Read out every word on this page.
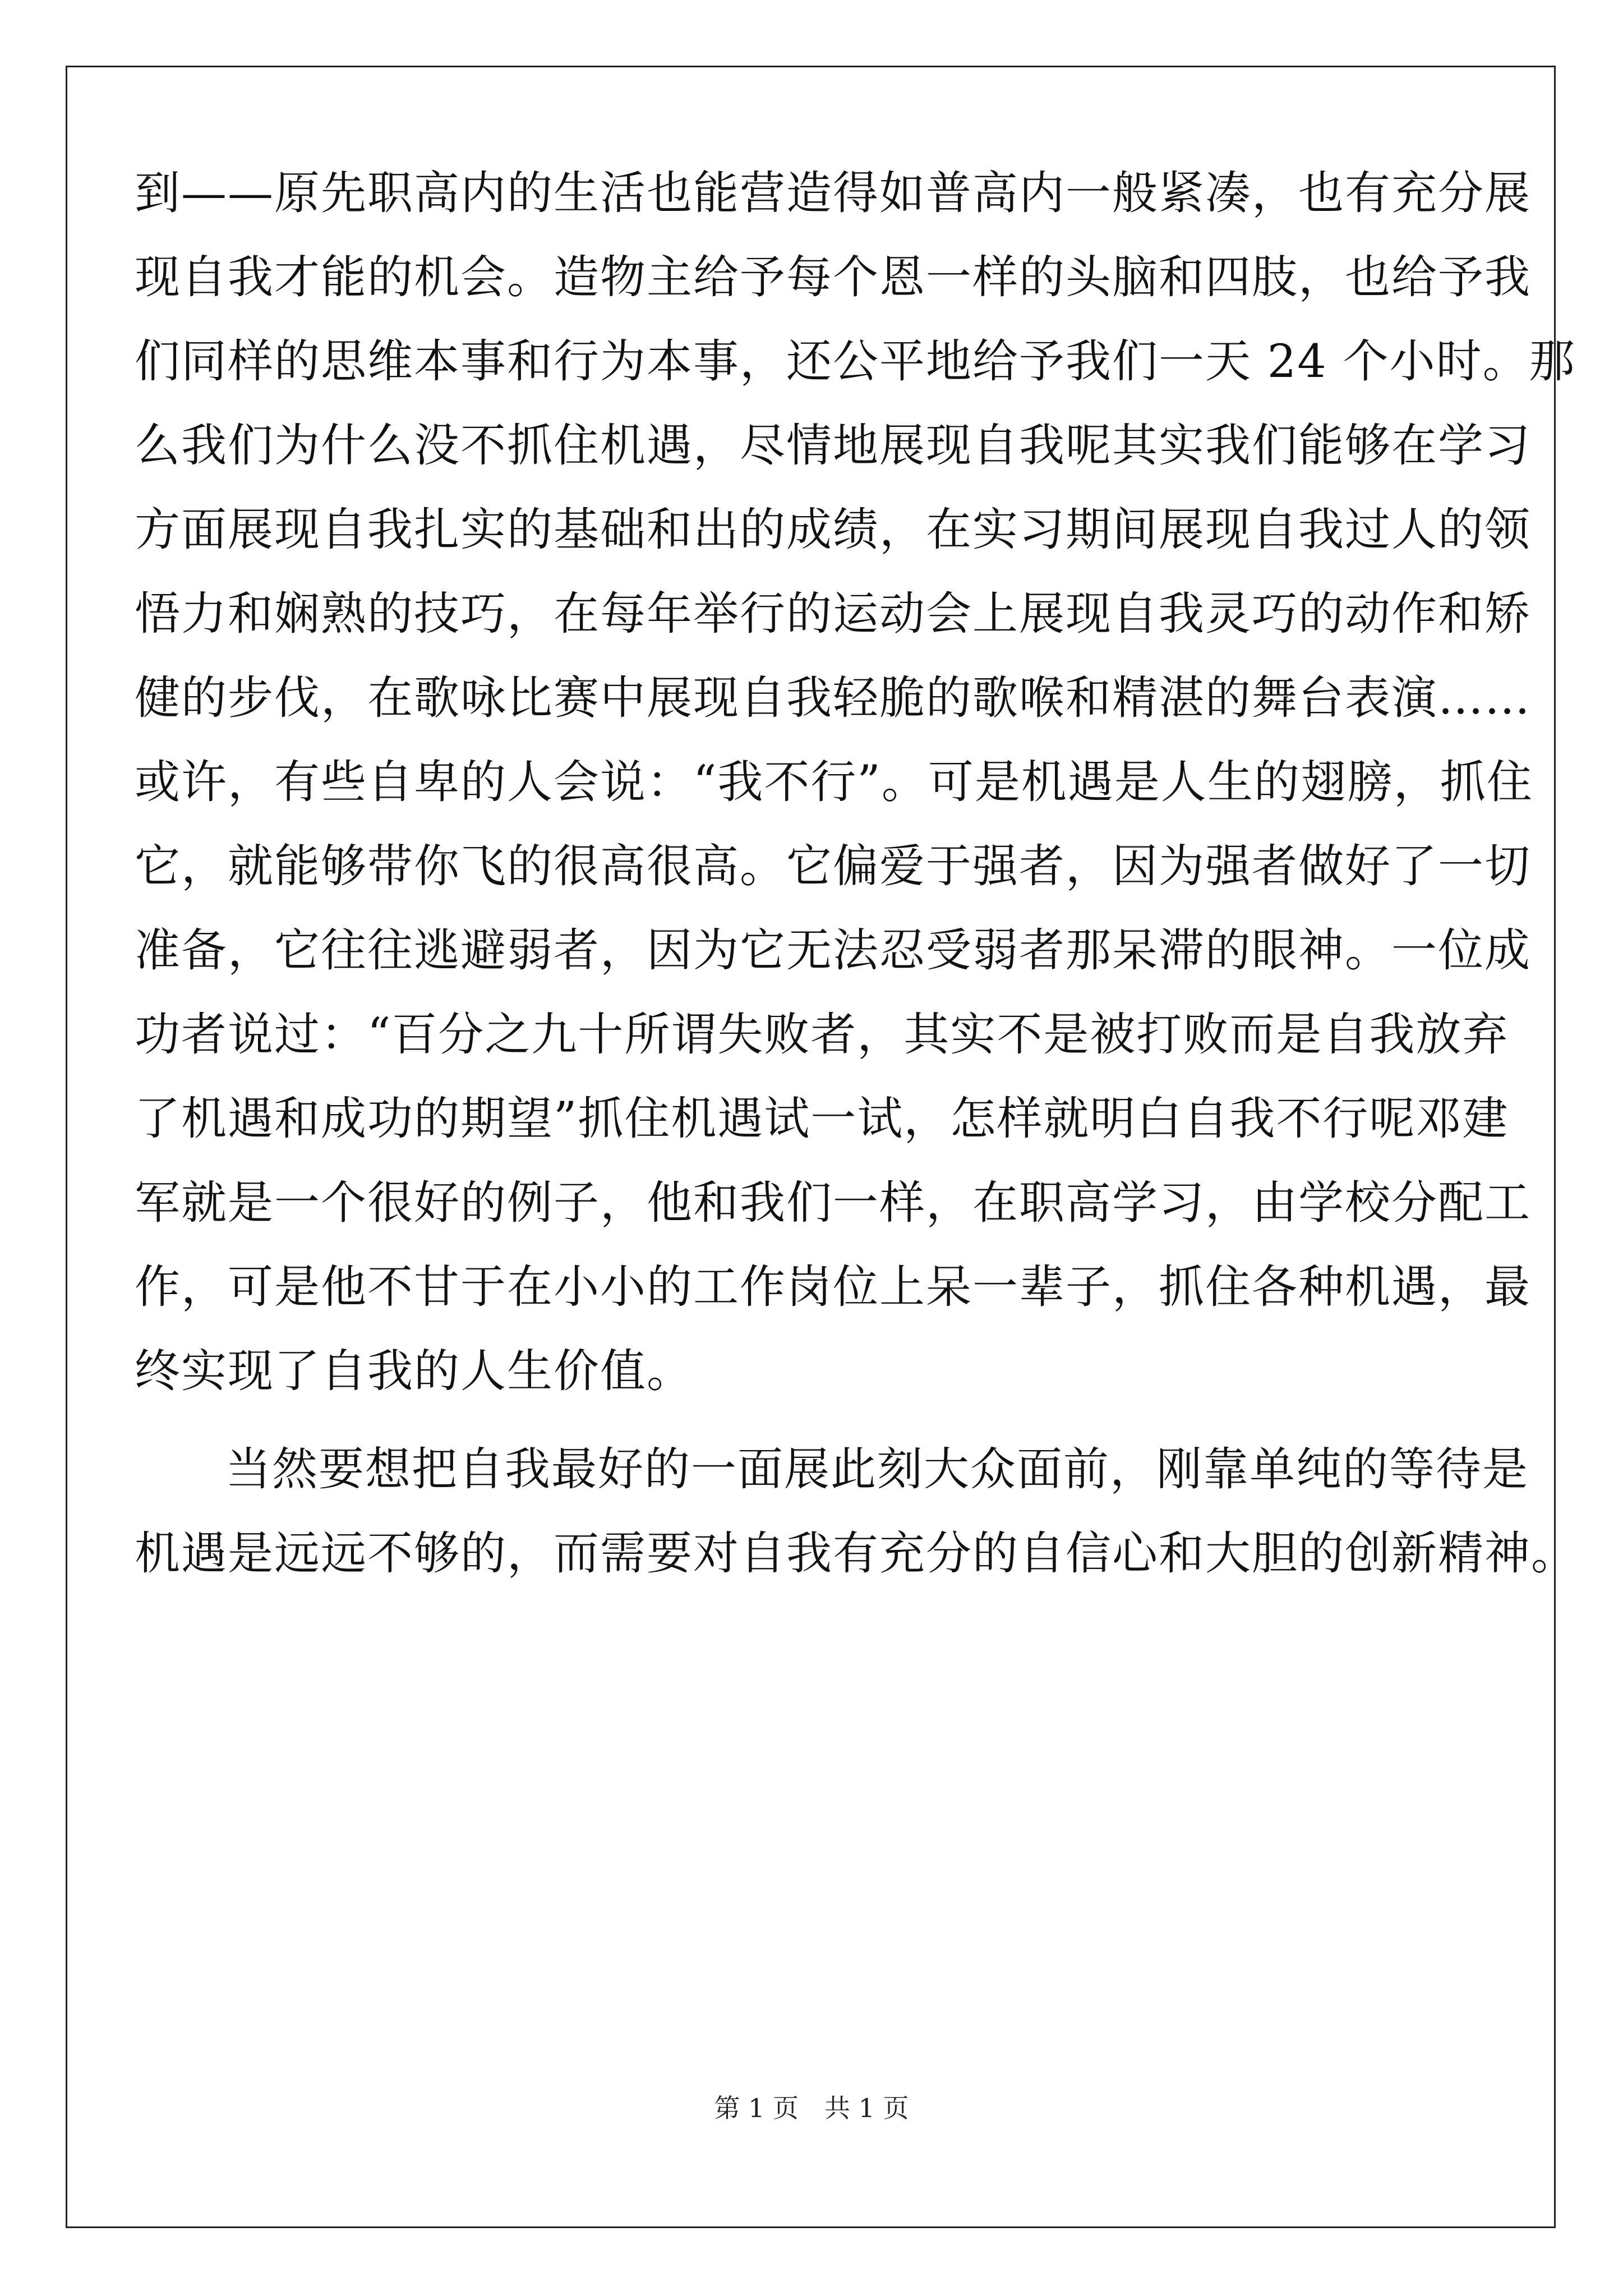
到——原先职高内的生活也能营造得如普高内一般紧凑，也有充分展
现自我才能的机会。造物主给予每个恩一样的头脑和四肢，也给予我
们同样的思维本事和行为本事，还公平地给予我们一天 24 个小时。那
么我们为什么没不抓住机遇，尽情地展现自我呢其实我们能够在学习
方面展现自我扎实的基础和出的成绩，在实习期间展现自我过人的领
悟力和娴熟的技巧，在每年举行的运动会上展现自我灵巧的动作和矫
健的步伐，在歌咏比赛中展现自我轻脆的歌喉和精湛的舞台表演……
或许，有些自卑的人会说：“我不行”。可是机遇是人生的翅膀，抓住
它，就能够带你飞的很高很高。它偏爱于强者，因为强者做好了一切
准备，它往往逃避弱者，因为它无法忍受弱者那呆滞的眼神。一位成
功者说过：“百分之九十所谓失败者，其实不是被打败而是自我放弃
了机遇和成功的期望”抓住机遇试一试，怎样就明白自我不行呢邓建
军就是一个很好的例子，他和我们一样，在职高学习，由学校分配工
作，可是他不甘于在小小的工作岗位上呆一辈子，抓住各种机遇，最
终实现了自我的人生价值。
当然要想把自我最好的一面展此刻大众面前，刚靠单纯的等待是
机遇是远远不够的，而需要对自我有充分的自信心和大胆的创新精神。
第 1 页　共 1 页
